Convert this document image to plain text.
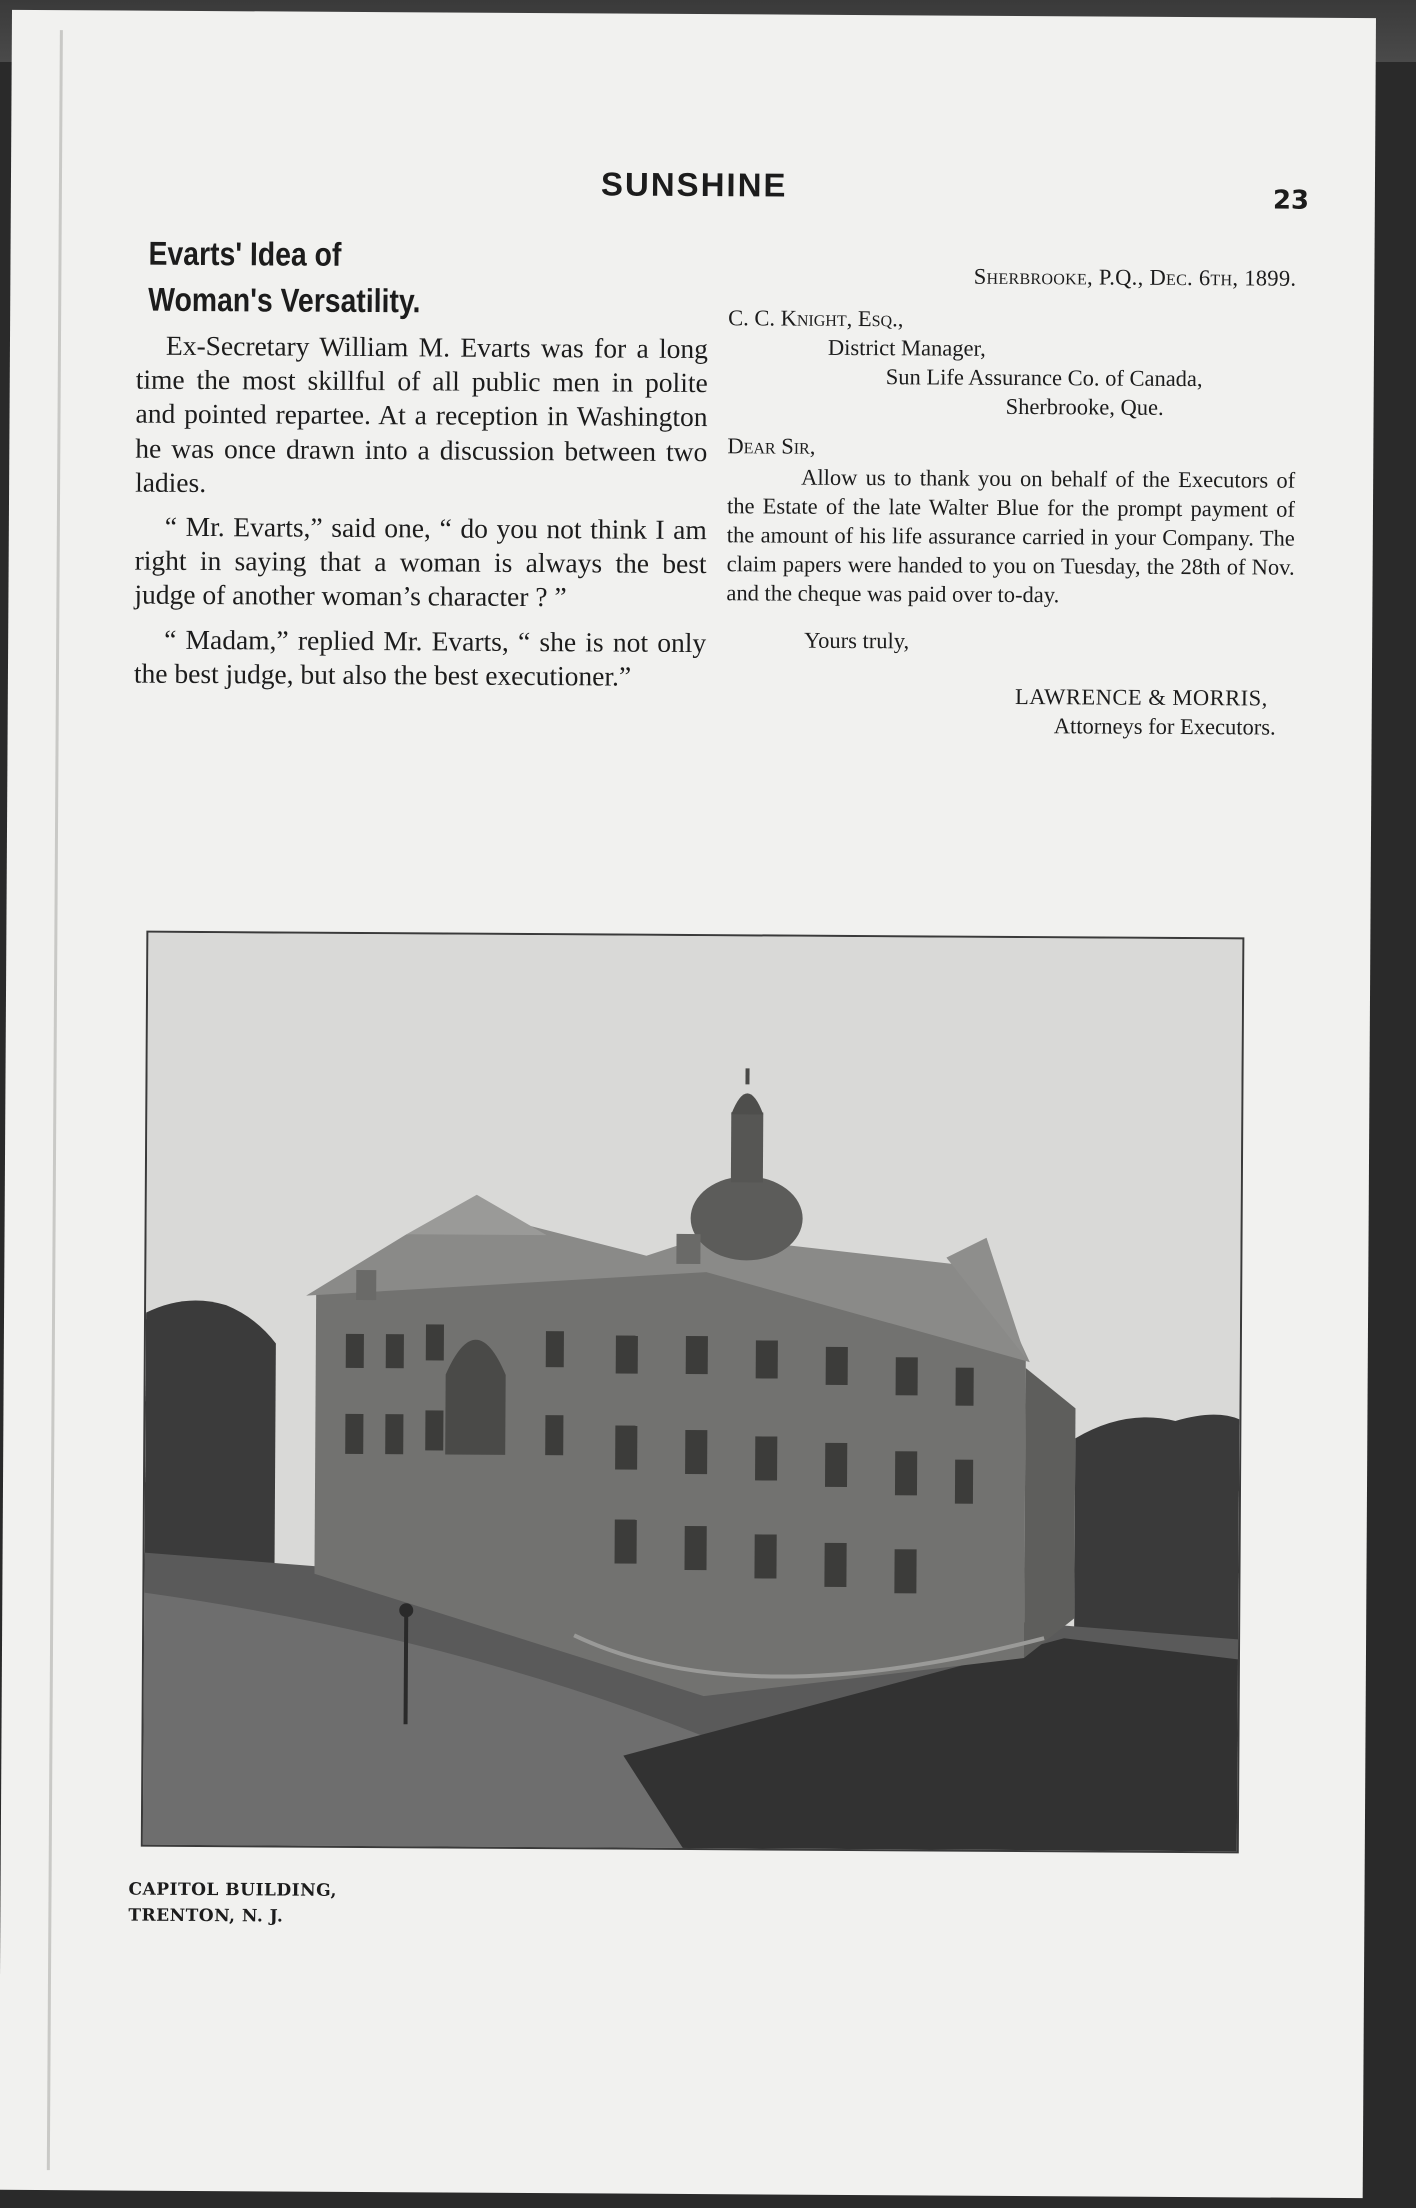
SUNSHINE	23
Evarts' Idea of
Woman's Versatility.

Ex-Secretary William M. Evarts was for a long time the most skillful of all public men in polite and pointed repartee. At a reception in Washington he was once drawn into a discussion between two ladies.

“ Mr. Evarts,” said one, “ do you not think I am right in saying that a woman is always the best judge of another woman’s character ? ”

“ Madam,” replied Mr. Evarts, “ she is not only the best judge, but also the best executioner.”

Sherbrooke, P.Q., Dec. 6th, 1899.
C. C. Knight, Esq.,
District Manager,
Sun Life Assurance Co. of Canada,
Sherbrooke, Que.
Dear Sir,
Allow us to thank you on behalf of the Executors of the Estate of the late Walter Blue for the prompt payment of the amount of his life assurance carried in your Company. The claim papers were handed to you on Tuesday, the 28th of Nov. and the cheque was paid over to-day.
Yours truly,
LAWRENCE & MORRIS,
Attorneys for Executors.
CAPITOL BUILDING,
TRENTON, N. J.
